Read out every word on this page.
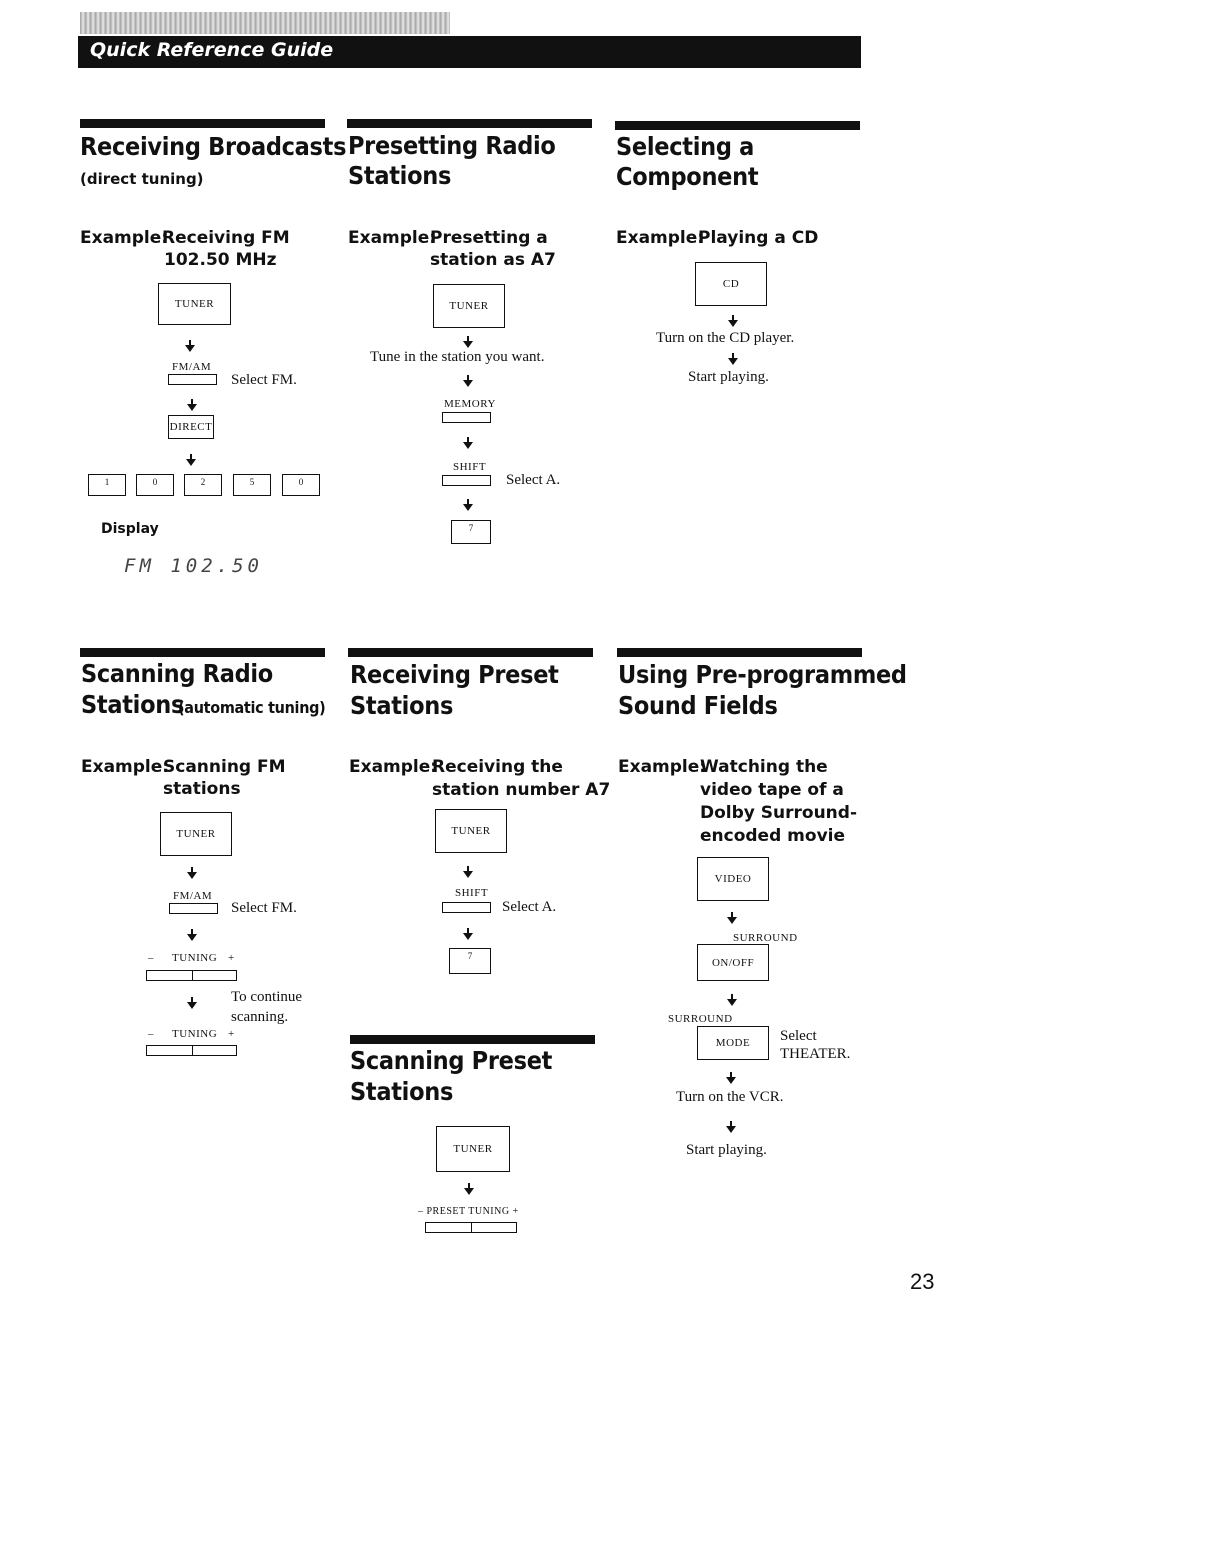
Quick Reference Guide
Receiving Broadcasts
(direct tuning)
Example:
Receiving FM
102.50 MHz
TUNER
FM/AM
Select FM.
DIRECT
1	0	2	5	0
Display
FM 102.50
Presetting Radio
Stations
Example:
Presetting a
station as A7
TUNER
Tune in the station you want.
MEMORY
SHIFT
Select A.
7
Selecting a
Component
Example:
Playing a CD
CD
Turn on the CD player.
Start playing.
Scanning Radio
Stations
(automatic tuning)
Example:
Scanning FM
stations
TUNER
FM/AM
Select FM.
– TUNING +
To continue
scanning.
– TUNING +
Receiving Preset
Stations
Example:
Receiving the
station number A7
TUNER
SHIFT
Select A.
7
Scanning Preset
Stations
TUNER
– PRESET TUNING +
Using Pre-programmed
Sound Fields
Example:
Watching the
video tape of a
Dolby Surround-
encoded movie
VIDEO
SURROUND
ON/OFF
SURROUND
MODE	Select
THEATER.
Turn on the VCR.
Start playing.
23
